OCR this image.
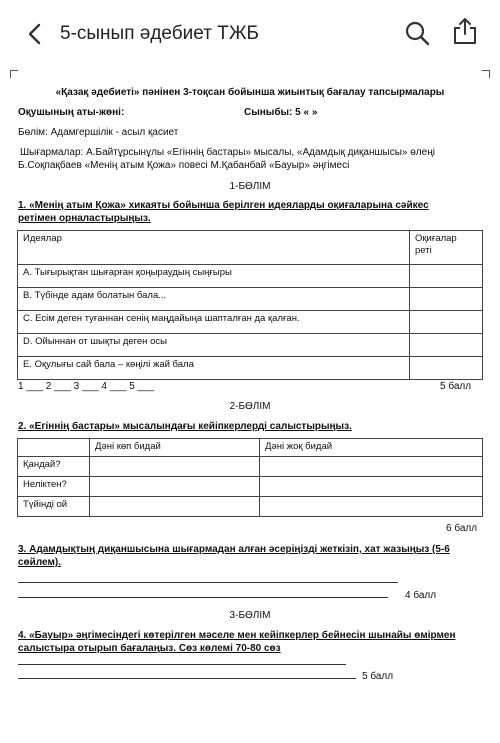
5-сынып әдебиет ТЖБ
«Қазақ әдебиеті» пәнінен 3-тоқсан бойынша жиынтық бағалау тапсырмалары
Оқушының аты-жөні:	Сыныбы: 5 « »
Бөлім: Адамгершілік - асыл қасиет
Шығармалар: А.Байтұрсынұлы «Егіннің бастары» мысалы, «Адамдық диқаншысы» өлеңі
Б.Соқпақбаев «Менің атым Қожа» повесі М.Қабанбай «Бауыр» әңгімесі
1-БӨЛІМ
1. «Менің атым Қожа» хикаяты бойынша берілген идеяларды оқиғаларына сәйкес
ретімен орналастырыңыз.
Идеялар	Оқиғалар
реті

А. Тығырықтан шығарған қоңыраудың сыңғыры	
В. Түбінде адам болатын бала...	
С. Есім деген туғаннан сенің маңдайыңа шапталған да қалған.	
D. Ойыннан от шықты деген осы	
Е. Оқулығы сай бала – көңілі жай бала	
1 ___ 2 ___ 3 ___ 4 ___ 5 ___	5 балл
2-БӨЛІМ
2. «Егіннің бастары» мысалындағы кейіпкерлерді салыстырыңыз.
	Дәні көп бидай	Дәні жоқ бидай
Қандай?		
Неліктен?		
Түйінді ой		
6 балл
3. Адамдықтың диқаншысына шығармадан алған әсеріңізді жеткізіп, хат жазыңыз (5-6
сөйлем).
4 балл
3-БӨЛІМ
4. «Бауыр» әңгімесіндегі көтерілген мәселе мен кейіпкерлер бейнесін шынайы өмірмен
салыстыра отырып бағалаңыз. Сөз көлемі 70-80 сөз
5 балл
